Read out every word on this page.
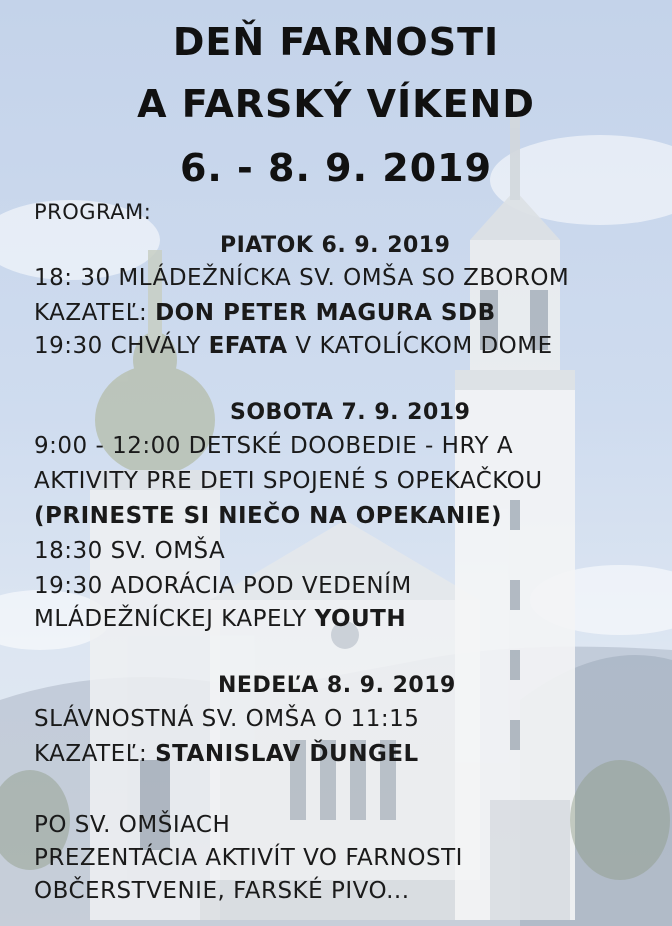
DEŇ FARNOSTI
A FARSKÝ VÍKEND
6. - 8. 9. 2019
PROGRAM:
PIATOK 6. 9. 2019
18: 30 MLÁDEŽNÍCKA SV. OMŠA SO ZBOROM
KAZATEĽ: DON PETER MAGURA SDB
19:30 CHVÁLY EFATA V KATOLÍCKOM DOME
SOBOTA 7. 9. 2019
9:00 - 12:00 DETSKÉ DOOBEDIE - HRY A
AKTIVITY PRE DETI SPOJENÉ S OPEKAČKOU
(PRINESTE SI NIEČO NA OPEKANIE)
18:30 SV. OMŠA
19:30 ADORÁCIA POD VEDENÍM
MLÁDEŽNÍCKEJ KAPELY YOUTH
NEDEĽA 8. 9. 2019
SLÁVNOSTNÁ SV. OMŠA O 11:15
KAZATEĽ: STANISLAV ĎUNGEL
PO SV. OMŠIACH
PREZENTÁCIA AKTIVÍT VO FARNOSTI
OBČERSTVENIE, FARSKÉ PIVO...
